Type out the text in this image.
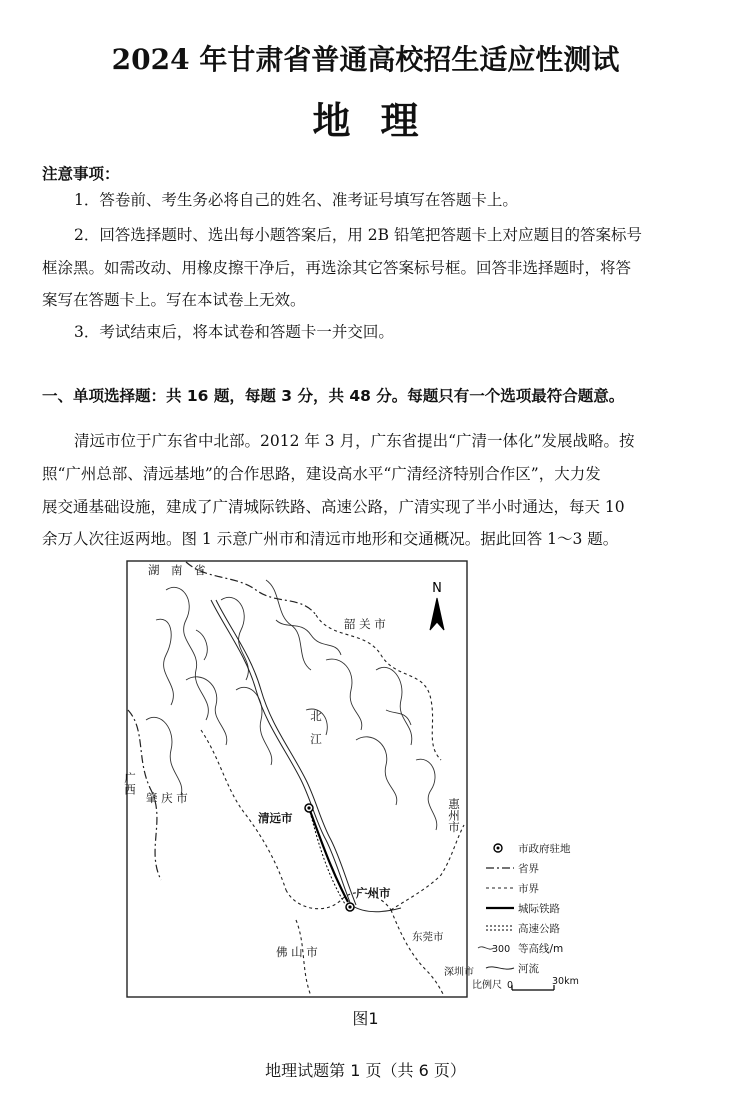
2024 年甘肃省普通高校招生适应性测试
地理
注意事项：
1．答卷前、考生务必将自己的姓名、准考证号填写在答题卡上。
2．回答选择题时、选出每小题答案后，用 2B 铅笔把答题卡上对应题目的答案标号
框涂黑。如需改动、用橡皮擦干净后，再选涂其它答案标号框。回答非选择题时，将答
案写在答题卡上。写在本试卷上无效。
3．考试结束后，将本试卷和答题卡一并交回。
一、单项选择题：共 16 题，每题 3 分，共 48 分。每题只有一个选项最符合题意。
清远市位于广东省中北部。2012 年 3 月，广东省提出“广清一体化”发展战略。按
照“广州总部、清远基地”的合作思路，建设高水平“广清经济特别合作区”，大力发
展交通基础设施，建成了广清城际铁路、高速公路，广清实现了半小时通达，每天 10
余万人次往返两地。图 1 示意广州市和清远市地形和交通概况。据此回答 1～3 题。
N
湖　南　省
韶 关 市
广西
肇 庆 市
北　江
清远市
广州市
惠州市
佛 山 市
东莞市
深圳市
市政府驻地
省界
市界
城际铁路
高速公路
300 等高线/m
河流
比例尺 0	30km
图1
地理试题第 1 页（共 6 页）
